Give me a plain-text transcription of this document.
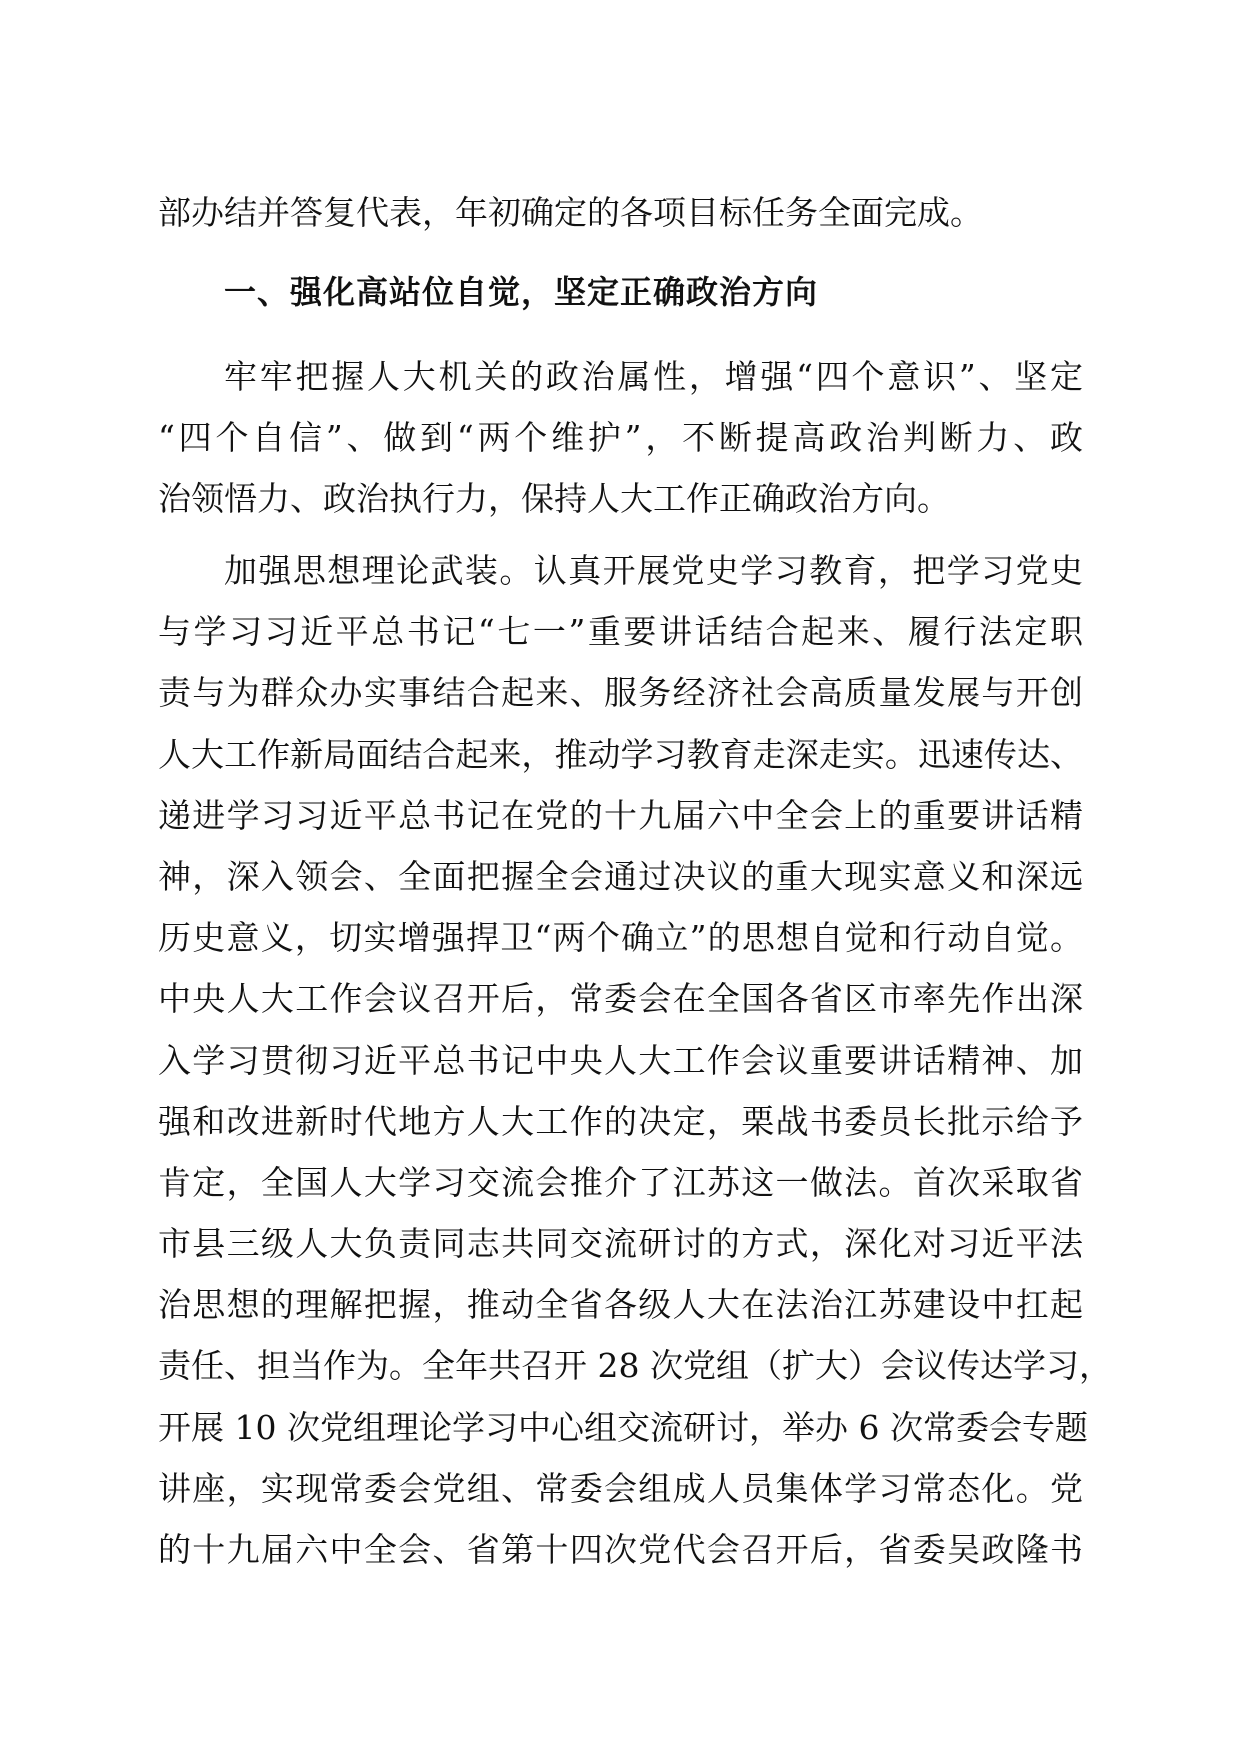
部办结并答复代表，年初确定的各项目标任务全面完成。
一、强化高站位自觉，坚定正确政治方向
牢牢把握人大机关的政治属性，增强“四个意识”、坚定
“四个自信”、做到“两个维护”，不断提高政治判断力、政
治领悟力、政治执行力，保持人大工作正确政治方向。
加强思想理论武装。认真开展党史学习教育，把学习党史
与学习习近平总书记“七一”重要讲话结合起来、履行法定职
责与为群众办实事结合起来、服务经济社会高质量发展与开创
人大工作新局面结合起来，推动学习教育走深走实。迅速传达、
递进学习习近平总书记在党的十九届六中全会上的重要讲话精
神，深入领会、全面把握全会通过决议的重大现实意义和深远
历史意义，切实增强捍卫“两个确立”的思想自觉和行动自觉。
中央人大工作会议召开后，常委会在全国各省区市率先作出深
入学习贯彻习近平总书记中央人大工作会议重要讲话精神、加
强和改进新时代地方人大工作的决定，栗战书委员长批示给予
肯定，全国人大学习交流会推介了江苏这一做法。首次采取省
市县三级人大负责同志共同交流研讨的方式，深化对习近平法
治思想的理解把握，推动全省各级人大在法治江苏建设中扛起
责任、担当作为。全年共召开 28 次党组（扩大）会议传达学习，
开展 10 次党组理论学习中心组交流研讨，举办 6 次常委会专题
讲座，实现常委会党组、常委会组成人员集体学习常态化。党
的十九届六中全会、省第十四次党代会召开后，省委吴政隆书
